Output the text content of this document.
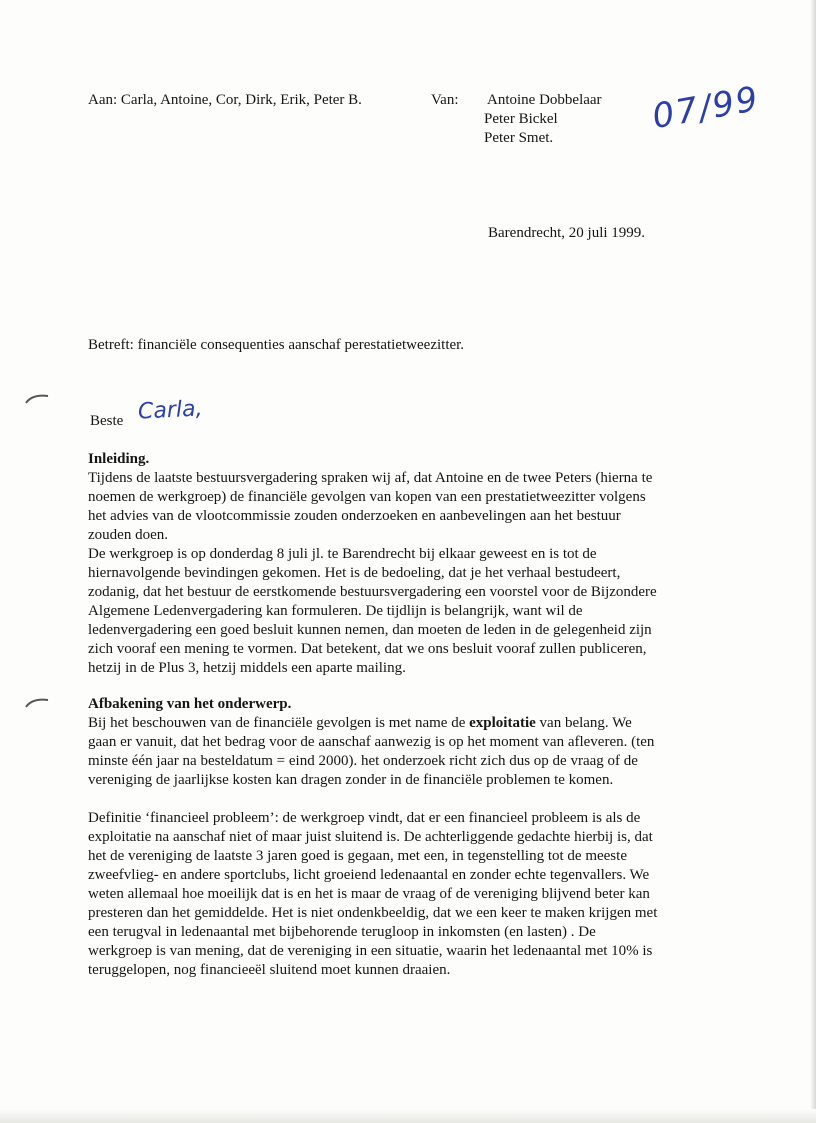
Aan: Carla, Antoine, Cor, Dirk, Erik, Peter B.	Van: Antoine Dobbelaar
Peter Bickel
Peter Smet.
07/99
Barendrecht, 20 juli 1999.
Betreft: financiële consequenties aanschaf perestatietweezitter.
Beste Carla,

Inleiding.

Tijdens de laatste bestuursvergadering spraken wij af, dat Antoine en de twee Peters (hierna te

noemen de werkgroep) de financiële gevolgen van kopen van een prestatietweezitter volgens

het advies van de vlootcommissie zouden onderzoeken en aanbevelingen aan het bestuur

zouden doen.

De werkgroep is op donderdag 8 juli jl. te Barendrecht bij elkaar geweest en is tot de

hiernavolgende bevindingen gekomen. Het is de bedoeling, dat je het verhaal bestudeert,

zodanig, dat het bestuur de eerstkomende bestuursvergadering een voorstel voor de Bijzondere

Algemene Ledenvergadering kan formuleren. De tijdlijn is belangrijk, want wil de

ledenvergadering een goed besluit kunnen nemen, dan moeten de leden in de gelegenheid zijn

zich vooraf een mening te vormen. Dat betekent, dat we ons besluit vooraf zullen publiceren,

hetzij in de Plus 3, hetzij middels een aparte mailing.

Afbakening van het onderwerp.

Bij het beschouwen van de financiële gevolgen is met name de exploitatie van belang. We

gaan er vanuit, dat het bedrag voor de aanschaf aanwezig is op het moment van afleveren. (ten

minste één jaar na besteldatum = eind 2000). het onderzoek richt zich dus op de vraag of de

vereniging de jaarlijkse kosten kan dragen zonder in de financiële problemen te komen.

Definitie ‘financieel probleem’: de werkgroep vindt, dat er een financieel probleem is als de

exploitatie na aanschaf niet of maar juist sluitend is. De achterliggende gedachte hierbij is, dat

het de vereniging de laatste 3 jaren goed is gegaan, met een, in tegenstelling tot de meeste

zweefvlieg- en andere sportclubs, licht groeiend ledenaantal en zonder echte tegenvallers. We

weten allemaal hoe moeilijk dat is en het is maar de vraag of de vereniging blijvend beter kan

presteren dan het gemiddelde. Het is niet ondenkbeeldig, dat we een keer te maken krijgen met

een terugval in ledenaantal met bijbehorende terugloop in inkomsten (en lasten) . De

werkgroep is van mening, dat de vereniging in een situatie, waarin het ledenaantal met 10% is

teruggelopen, nog financieeël sluitend moet kunnen draaien.
